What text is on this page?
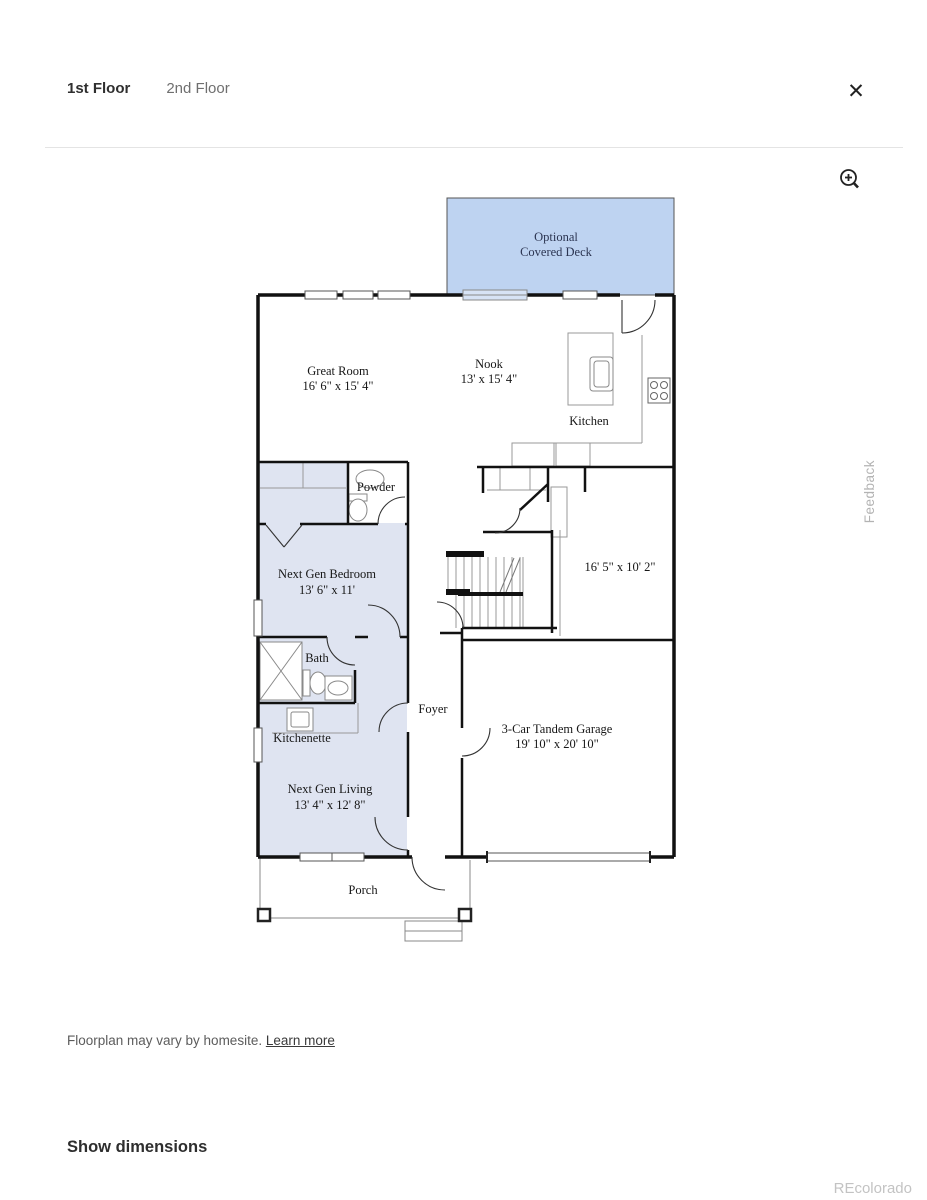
1st Floor 2nd Floor	✕
Optional
Covered Deck
Great Room
16' 6" x 15' 4"
Nook
13' x 15' 4"
Kitchen
Powder
Next Gen Bedroom
13' 6" x 11'
Bath
Kitchenette
Foyer
16' 5" x 10' 2"
3-Car Tandem Garage
19' 10" x 20' 10"
Next Gen Living
13' 4" x 12' 8"
Porch
Feedback
Floorplan may vary by homesite. Learn more
Show dimensions
REcolorado
